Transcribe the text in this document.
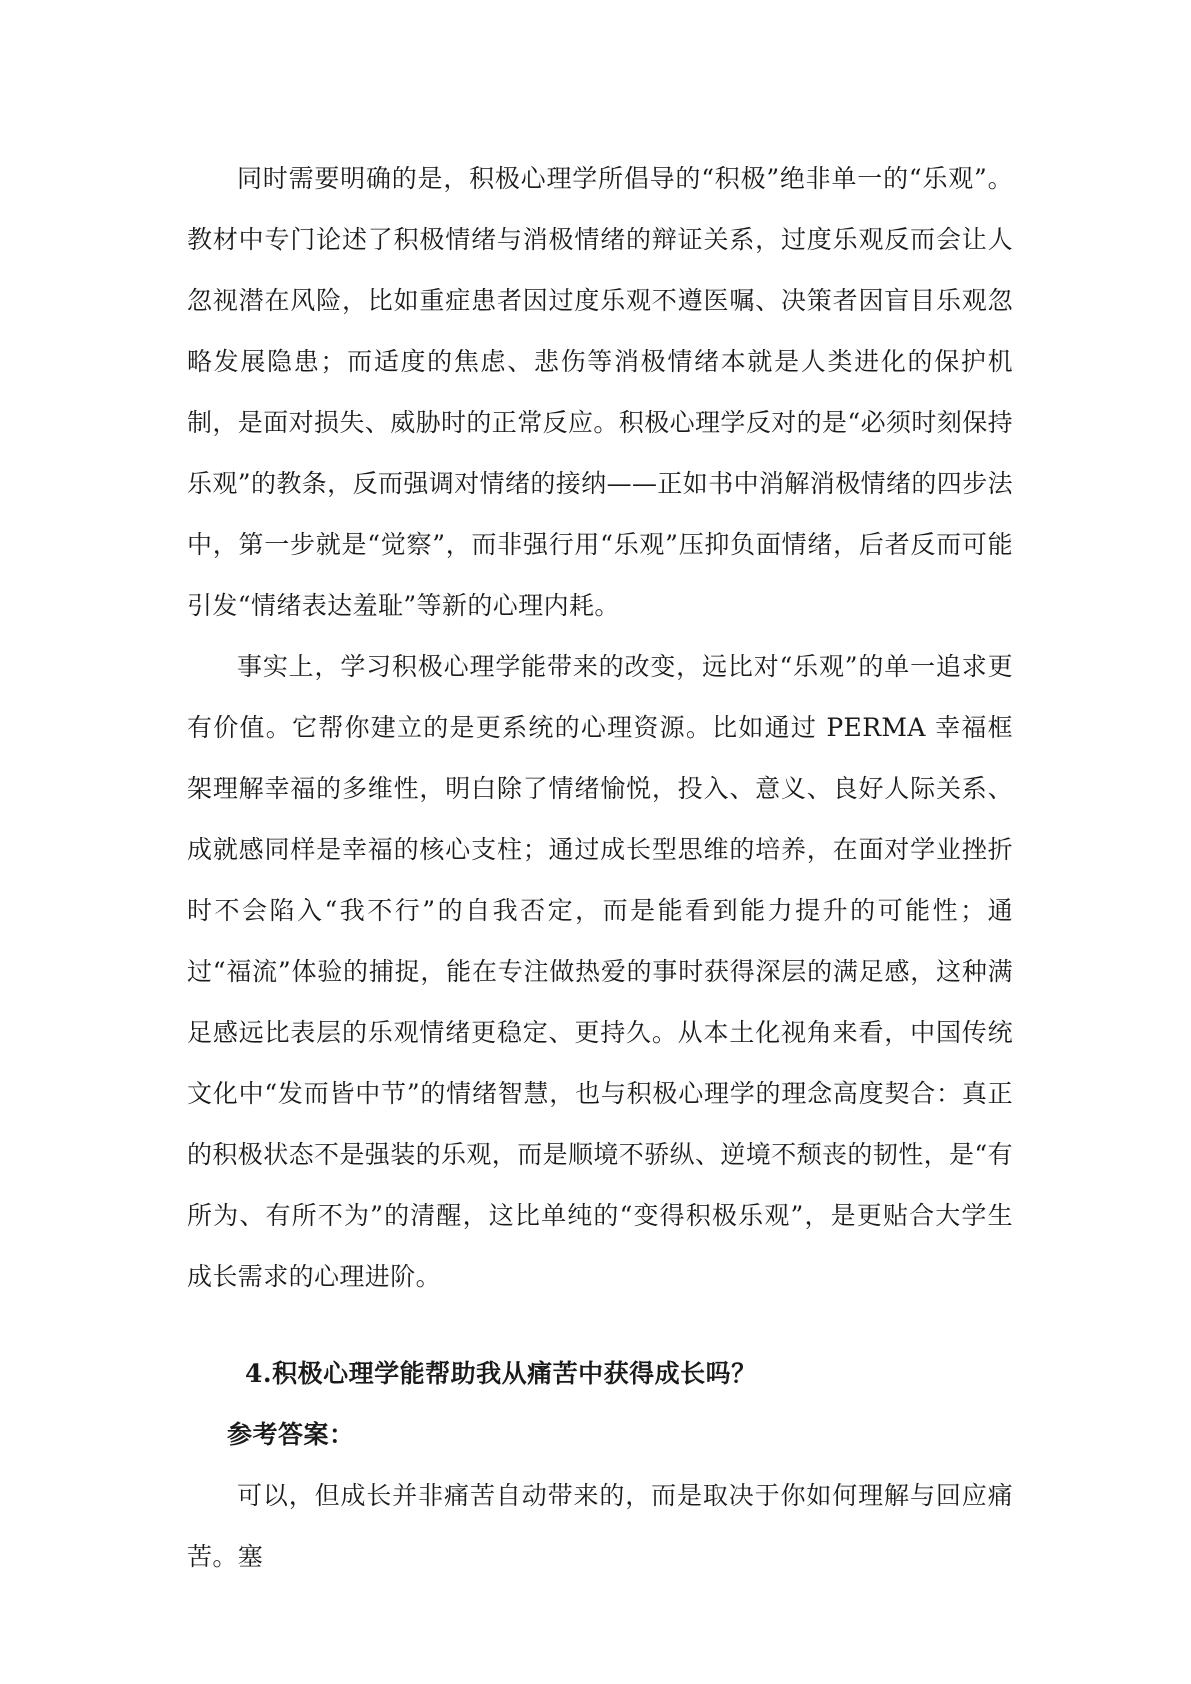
同时需要明确的是，积极心理学所倡导的“积极”绝非单一的“乐观”。教材中专门论述了积极情绪与消极情绪的辩证关系，过度乐观反而会让人忽视潜在风险，比如重症患者因过度乐观不遵医嘱、决策者因盲目乐观忽略发展隐患；而适度的焦虑、悲伤等消极情绪本就是人类进化的保护机制，是面对损失、威胁时的正常反应。积极心理学反对的是“必须时刻保持乐观”的教条，反而强调对情绪的接纳——正如书中消解消极情绪的四步法中，第一步就是“觉察”，而非强行用“乐观”压抑负面情绪，后者反而可能引发“情绪表达羞耻”等新的心理内耗。

事实上，学习积极心理学能带来的改变，远比对“乐观”的单一追求更有价值。它帮你建立的是更系统的心理资源。比如通过 PERMA 幸福框架理解幸福的多维性，明白除了情绪愉悦，投入、意义、良好人际关系、成就感同样是幸福的核心支柱；通过成长型思维的培养，在面对学业挫折时不会陷入“我不行”的自我否定，而是能看到能力提升的可能性；通过“福流”体验的捕捉，能在专注做热爱的事时获得深层的满足感，这种满足感远比表层的乐观情绪更稳定、更持久。从本土化视角来看，中国传统文化中“发而皆中节”的情绪智慧，也与积极心理学的理念高度契合：真正的积极状态不是强装的乐观，而是顺境不骄纵、逆境不颓丧的韧性，是“有所为、有所不为”的清醒，这比单纯的“变得积极乐观”，是更贴合大学生成长需求的心理进阶。

4.积极心理学能帮助我从痛苦中获得成长吗？

参考答案：

可以，但成长并非痛苦自动带来的，而是取决于你如何理解与回应痛苦。塞
